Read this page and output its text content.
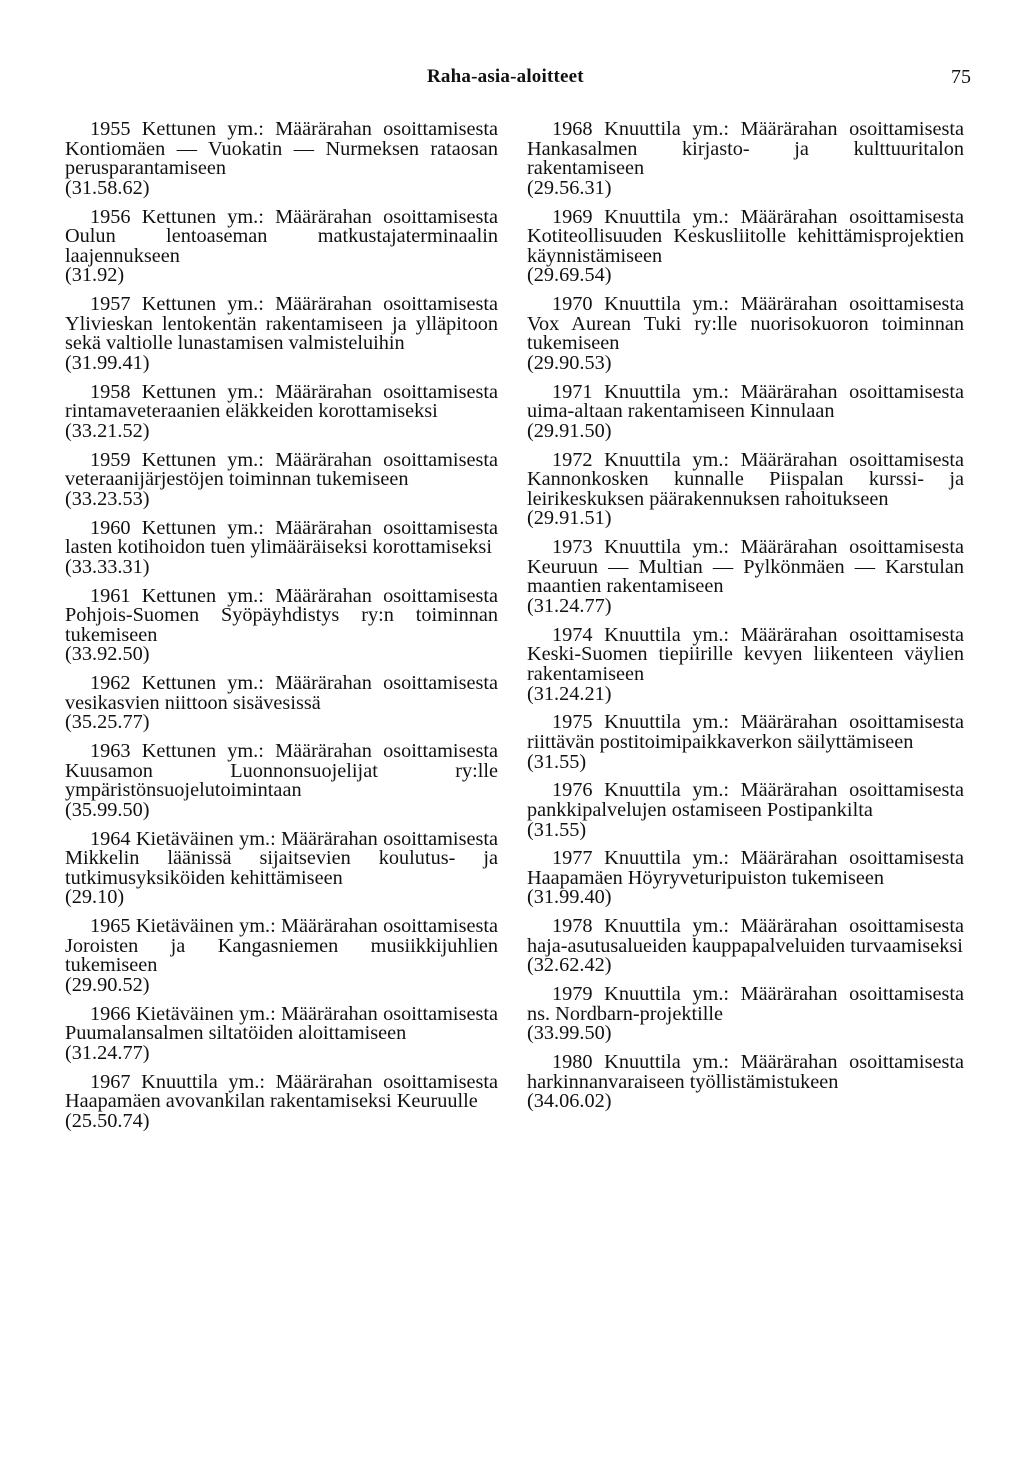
Raha-asia-aloitteet	75
1955 Kettunen ym.: Määrärahan osoittamisesta Kontiomäen — Vuokatin — Nurmeksen rataosan perusparantamiseen
(31.58.62)
1956 Kettunen ym.: Määrärahan osoittamisesta Oulun lentoaseman matkustajaterminaalin laajennukseen
(31.92)
1957 Kettunen ym.: Määrärahan osoittamisesta Ylivieskan lentokentän rakentamiseen ja ylläpitoon sekä valtiolle lunastamisen valmisteluihin
(31.99.41)
1958 Kettunen ym.: Määrärahan osoittamisesta rintamaveteraanien eläkkeiden korottamiseksi
(33.21.52)
1959 Kettunen ym.: Määrärahan osoittamisesta veteraanijärjestöjen toiminnan tukemiseen
(33.23.53)
1960 Kettunen ym.: Määrärahan osoittamisesta lasten kotihoidon tuen ylimääräiseksi korottamiseksi
(33.33.31)
1961 Kettunen ym.: Määrärahan osoittamisesta Pohjois-Suomen Syöpäyhdistys ry:n toiminnan tukemiseen
(33.92.50)
1962 Kettunen ym.: Määrärahan osoittamisesta vesikasvien niittoon sisävesissä
(35.25.77)
1963 Kettunen ym.: Määrärahan osoittamisesta Kuusamon Luonnonsuojelijat ry:lle ympäristönsuojelutoimintaan
(35.99.50)
1964 Kietäväinen ym.: Määrärahan osoittamisesta Mikkelin läänissä sijaitsevien koulutus- ja tutkimusyksiköiden kehittämiseen
(29.10)
1965 Kietäväinen ym.: Määrärahan osoittamisesta Joroisten ja Kangasniemen musiikkijuhlien tukemiseen
(29.90.52)
1966 Kietäväinen ym.: Määrärahan osoittamisesta Puumalansalmen siltatöiden aloittamiseen
(31.24.77)
1967 Knuuttila ym.: Määrärahan osoittamisesta Haapamäen avovankilan rakentamiseksi Keuruulle
(25.50.74)
1968 Knuuttila ym.: Määrärahan osoittamisesta Hankasalmen kirjasto- ja kulttuuritalon rakentamiseen
(29.56.31)
1969 Knuuttila ym.: Määrärahan osoittamisesta Kotiteollisuuden Keskusliitolle kehittämisprojektien käynnistämiseen
(29.69.54)
1970 Knuuttila ym.: Määrärahan osoittamisesta Vox Aurean Tuki ry:lle nuorisokuoron toiminnan tukemiseen
(29.90.53)
1971 Knuuttila ym.: Määrärahan osoittamisesta uima-altaan rakentamiseen Kinnulaan
(29.91.50)
1972 Knuuttila ym.: Määrärahan osoittamisesta Kannonkosken kunnalle Piispalan kurssi- ja leirikeskuksen päärakennuksen rahoitukseen
(29.91.51)
1973 Knuuttila ym.: Määrärahan osoittamisesta Keuruun — Multian — Pylkönmäen — Karstulan maantien rakentamiseen
(31.24.77)
1974 Knuuttila ym.: Määrärahan osoittamisesta Keski-Suomen tiepiirille kevyen liikenteen väylien rakentamiseen
(31.24.21)
1975 Knuuttila ym.: Määrärahan osoittamisesta riittävän postitoimipaikkaverkon säilyttämiseen
(31.55)
1976 Knuuttila ym.: Määrärahan osoittamisesta pankkipalvelujen ostamiseen Postipankilta
(31.55)
1977 Knuuttila ym.: Määrärahan osoittamisesta Haapamäen Höyryveturipuiston tukemiseen
(31.99.40)
1978 Knuuttila ym.: Määrärahan osoittamisesta haja-asutusalueiden kauppapalveluiden turvaamiseksi
(32.62.42)
1979 Knuuttila ym.: Määrärahan osoittamisesta ns. Nordbarn-projektille
(33.99.50)
1980 Knuuttila ym.: Määrärahan osoittamisesta harkinnanvaraiseen työllistämistukeen
(34.06.02)
